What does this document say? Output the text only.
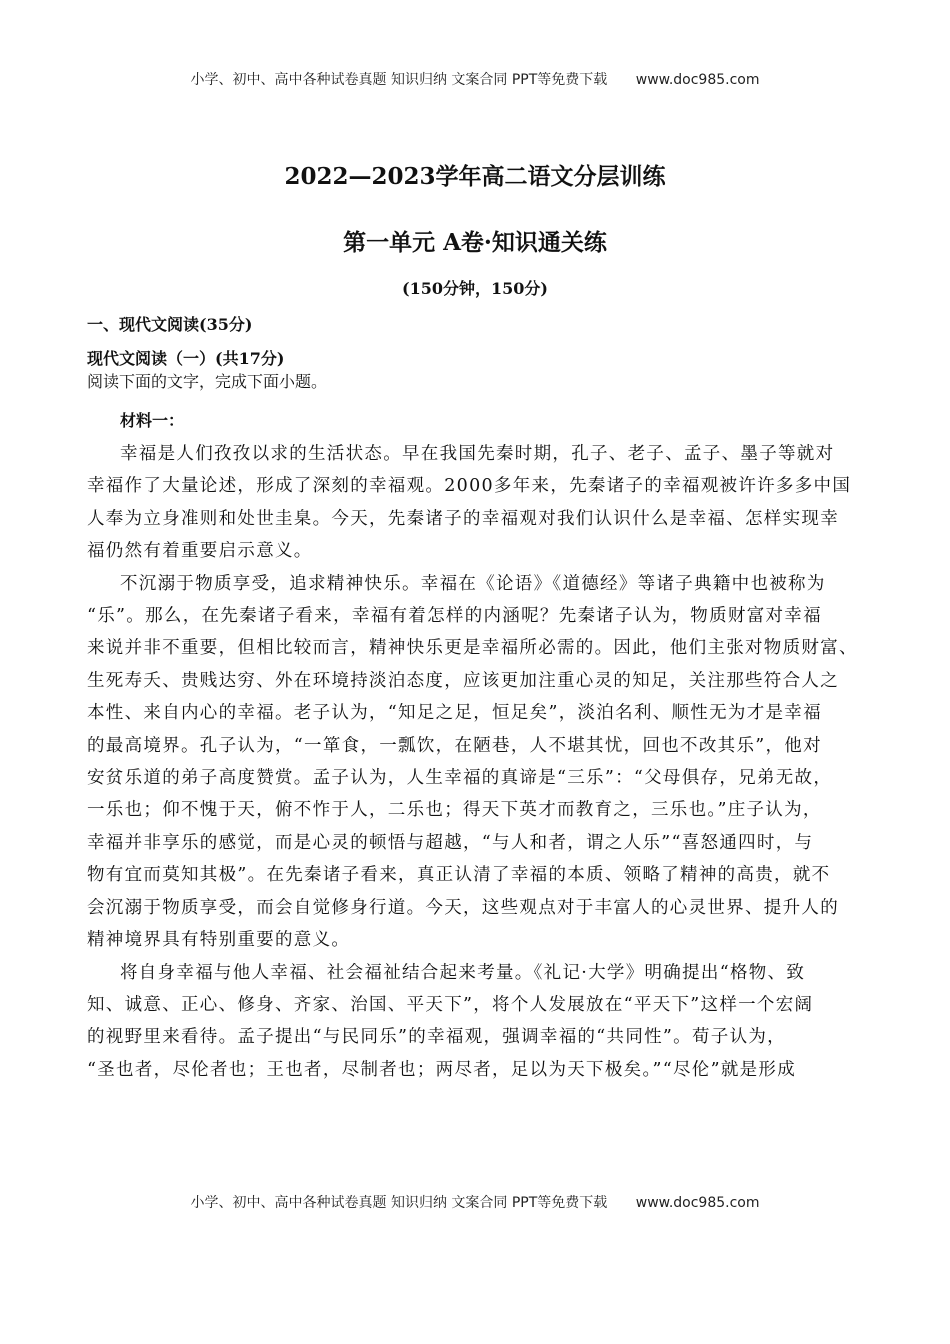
小学、初中、高中各种试卷真题 知识归纳 文案合同 PPT等免费下载 www.doc985.com
2022—2023学年高二语文分层训练
第一单元 A卷·知识通关练
(150分钟，150分)
一、现代文阅读(35分)
现代文阅读（一）(共17分)
阅读下面的文字，完成下面小题。
材料一：
幸福是人们孜孜以求的生活状态。早在我国先秦时期，孔子、老子、孟子、墨子等就对
幸福作了大量论述，形成了深刻的幸福观。2000多年来，先秦诸子的幸福观被许许多多中国
人奉为立身准则和处世圭臬。今天，先秦诸子的幸福观对我们认识什么是幸福、怎样实现幸
福仍然有着重要启示意义。
不沉溺于物质享受，追求精神快乐。幸福在《论语》《道德经》等诸子典籍中也被称为
“乐”。那么，在先秦诸子看来，幸福有着怎样的内涵呢？先秦诸子认为，物质财富对幸福
来说并非不重要，但相比较而言，精神快乐更是幸福所必需的。因此，他们主张对物质财富、
生死寿夭、贵贱达穷、外在环境持淡泊态度，应该更加注重心灵的知足，关注那些符合人之
本性、来自内心的幸福。老子认为，“知足之足，恒足矣”，淡泊名利、顺性无为才是幸福
的最高境界。孔子认为，“一箪食，一瓢饮，在陋巷，人不堪其忧，回也不改其乐”，他对
安贫乐道的弟子高度赞赏。孟子认为，人生幸福的真谛是“三乐”：“父母俱存，兄弟无故，
一乐也；仰不愧于天，俯不怍于人，二乐也；得天下英才而教育之，三乐也。”庄子认为，
幸福并非享乐的感觉，而是心灵的顿悟与超越，“与人和者，谓之人乐”“喜怒通四时，与
物有宜而莫知其极”。在先秦诸子看来，真正认清了幸福的本质、领略了精神的高贵，就不
会沉溺于物质享受，而会自觉修身行道。今天，这些观点对于丰富人的心灵世界、提升人的
精神境界具有特别重要的意义。
将自身幸福与他人幸福、社会福祉结合起来考量。《礼记·大学》明确提出“格物、致
知、诚意、正心、修身、齐家、治国、平天下”，将个人发展放在“平天下”这样一个宏阔
的视野里来看待。孟子提出“与民同乐”的幸福观，强调幸福的“共同性”。荀子认为，
“圣也者，尽伦者也；王也者，尽制者也；两尽者，足以为天下极矣。”“尽伦”就是形成
小学、初中、高中各种试卷真题 知识归纳 文案合同 PPT等免费下载 www.doc985.com
